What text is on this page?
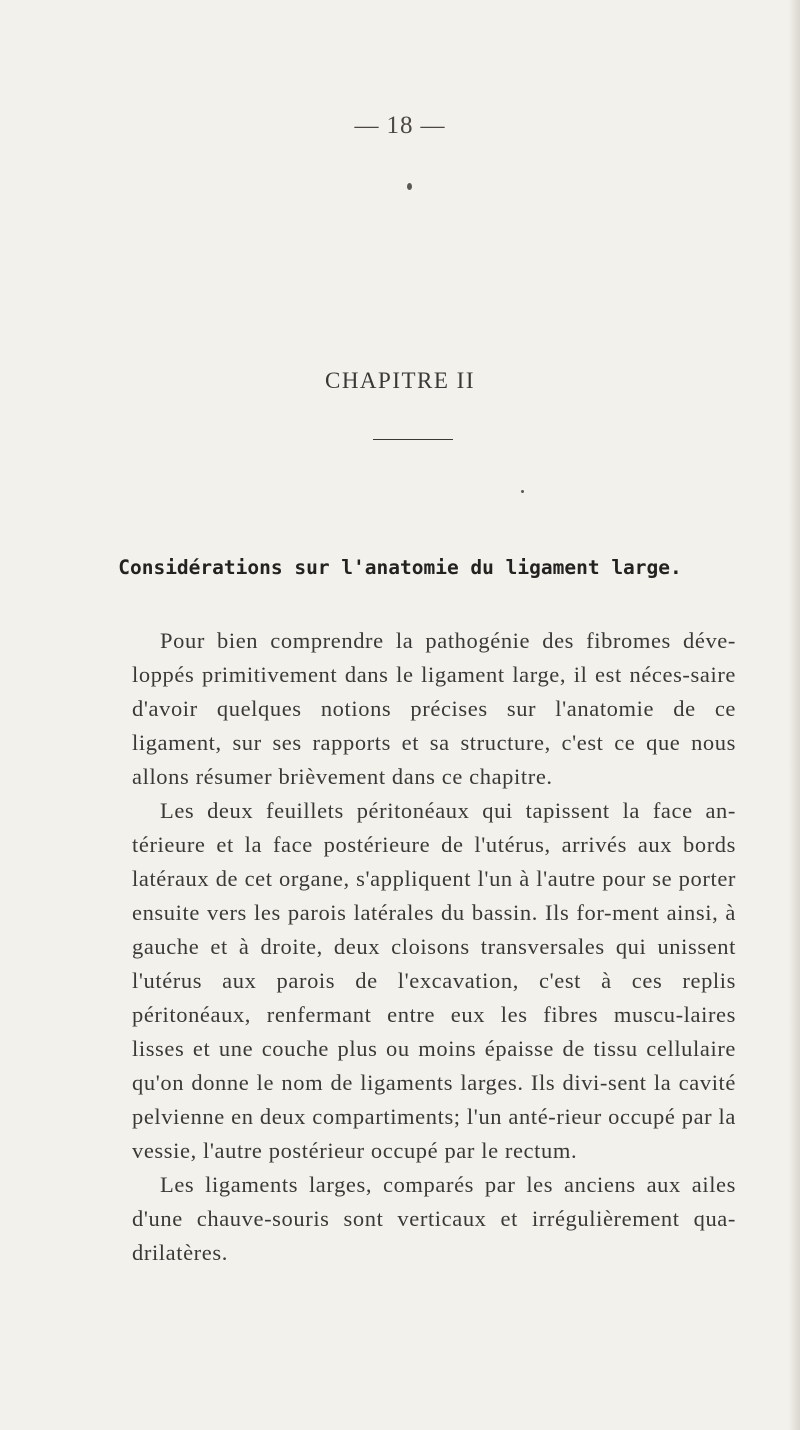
— 18 —
CHAPITRE II
Considérations sur l'anatomie du ligament large.

Pour bien comprendre la pathogénie des fibromes déve-loppés primitivement dans le ligament large, il est néces-saire d'avoir quelques notions précises sur l'anatomie de ce ligament, sur ses rapports et sa structure, c'est ce que nous allons résumer brièvement dans ce chapitre.

Les deux feuillets péritonéaux qui tapissent la face an-térieure et la face postérieure de l'utérus, arrivés aux bords latéraux de cet organe, s'appliquent l'un à l'autre pour se porter ensuite vers les parois latérales du bassin. Ils for-ment ainsi, à gauche et à droite, deux cloisons transversales qui unissent l'utérus aux parois de l'excavation, c'est à ces replis péritonéaux, renfermant entre eux les fibres muscu-laires lisses et une couche plus ou moins épaisse de tissu cellulaire qu'on donne le nom de ligaments larges. Ils divi-sent la cavité pelvienne en deux compartiments; l'un anté-rieur occupé par la vessie, l'autre postérieur occupé par le rectum.

Les ligaments larges, comparés par les anciens aux ailes d'une chauve-souris sont verticaux et irrégulièrement qua-drilatères.
